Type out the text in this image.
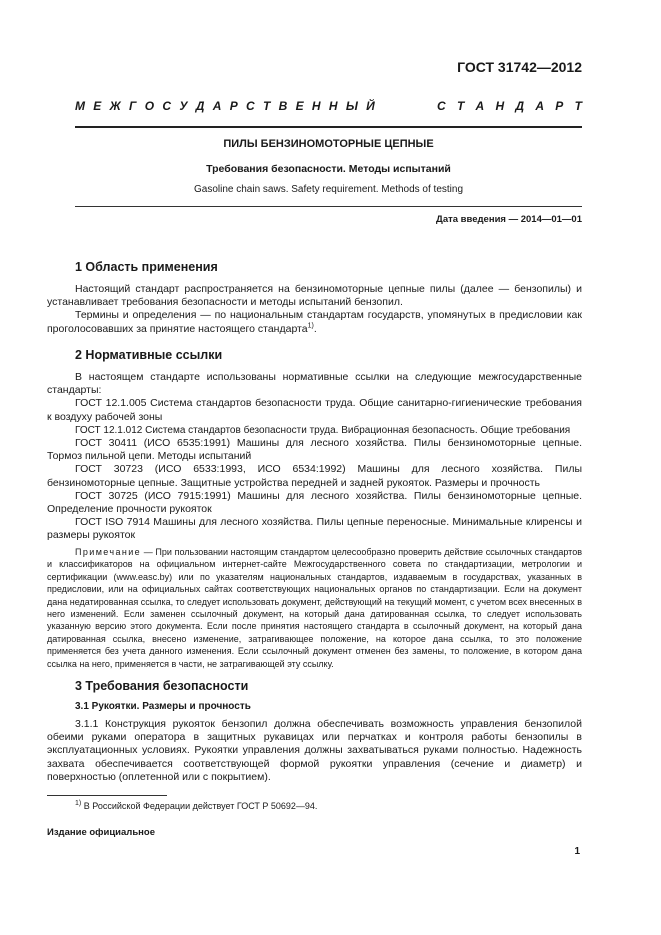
ГОСТ 31742—2012
М Е Ж Г О С У Д А Р С Т В Е Н Н Ы Й	С Т А Н Д А Р Т
ПИЛЫ БЕНЗИНОМОТОРНЫЕ ЦЕПНЫЕ
Требования безопасности. Методы испытаний
Gasoline chain saws. Safety requirement. Methods of testing
Дата введения — 2014—01—01
1 Область применения

Настоящий стандарт распространяется на бензиномоторные цепные пилы (далее — бензопилы) и устанавливает требования безопасности и методы испытаний бензопил.

Термины и определения — по национальным стандартам государств, упомянутых в предисловии как проголосовавших за принятие настоящего стандарта$^{1)}$.

2 Нормативные ссылки

В настоящем стандарте использованы нормативные ссылки на следующие межгосударственные стандарты:

ГОСТ 12.1.005 Система стандартов безопасности труда. Общие санитарно-гигиенические требования к воздуху рабочей зоны

ГОСТ 12.1.012 Система стандартов безопасности труда. Вибрационная безопасность. Общие требования

ГОСТ 30411 (ИСО 6535:1991) Машины для лесного хозяйства. Пилы бензиномоторные цепные. Тормоз пильной цепи. Методы испытаний

ГОСТ 30723 (ИСО 6533:1993, ИСО 6534:1992) Машины для лесного хозяйства. Пилы бензиномоторные цепные. Защитные устройства передней и задней рукояток. Размеры и прочность

ГОСТ 30725 (ИСО 7915:1991) Машины для лесного хозяйства. Пилы бензиномоторные цепные. Определение прочности рукояток

ГОСТ ISO 7914 Машины для лесного хозяйства. Пилы цепные переносные. Минимальные клиренсы и размеры рукояток

Примечание — При пользовании настоящим стандартом целесообразно проверить действие ссылочных стандартов и классификаторов на официальном интернет-сайте Межгосударственного совета по стандартизации, метрологии и сертификации (www.easc.by) или по указателям национальных стандартов, издаваемым в государствах, указанных в предисловии, или на официальных сайтах соответствующих национальных органов по стандартизации. Если на документ дана недатированная ссылка, то следует использовать документ, действующий на текущий момент, с учетом всех внесенных в него изменений. Если заменен ссылочный документ, на который дана датированная ссылка, то следует использовать указанную версию этого документа. Если после принятия настоящего стандарта в ссылочный документ, на который дана датированная ссылка, внесено изменение, затрагивающее положение, на которое дана ссылка, то это положение применяется без учета данного изменения. Если ссылочный документ отменен без замены, то положение, в котором дана ссылка на него, применяется в части, не затрагивающей эту ссылку.

3 Требования безопасности
3.1 Рукоятки. Размеры и прочность

3.1.1 Конструкция рукояток бензопил должна обеспечивать возможность управления бензопилой обеими руками оператора в защитных рукавицах или перчатках и контроля работы бензопилы в эксплуатационных условиях. Рукоятки управления должны захватываться руками полностью. Надежность захвата обеспечивается соответствующей формой рукоятки управления (сечение и диаметр) и поверхностью (оплетенной или с покрытием).

$^{1)}$ В Российской Федерации действует ГОСТ Р 50692—94.
Издание официальное
1
